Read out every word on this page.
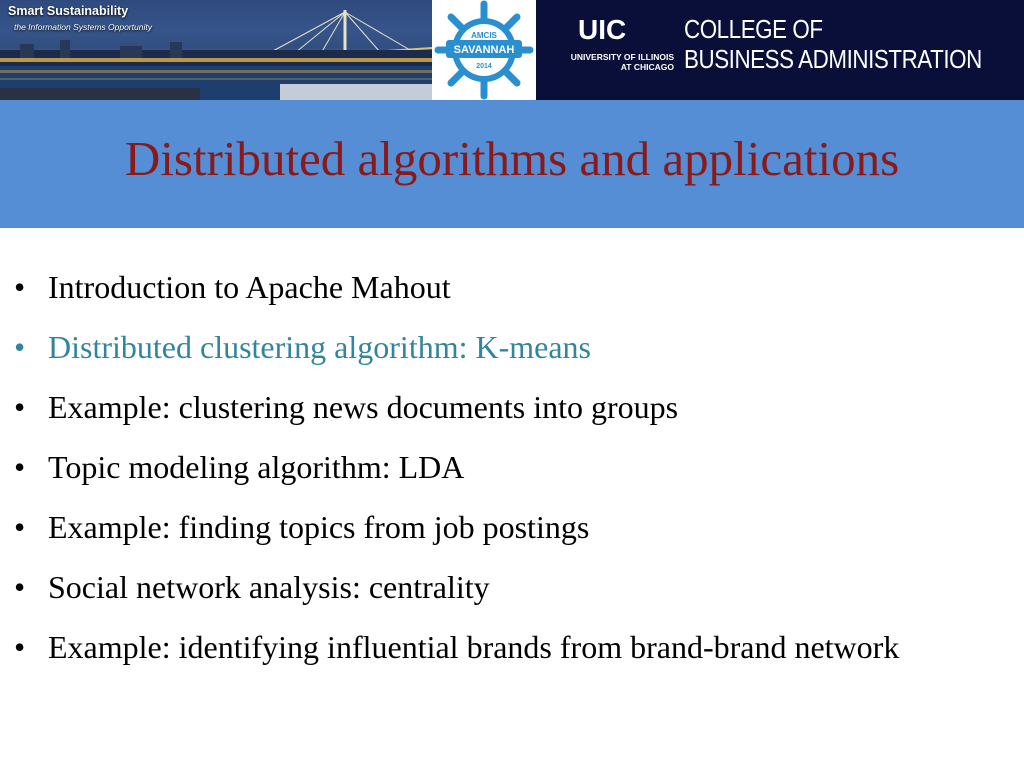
Smart Sustainability
the Information Systems Opportunity
AMCIS
SAVANNAH
2014
UIC
UNIVERSITY OF ILLINOIS
AT CHICAGO
COLLEGE OF
BUSINESS ADMINISTRATION
Distributed algorithms and applications
• Introduction to Apache Mahout
• Distributed clustering algorithm: K-means
• Example: clustering news documents into groups
• Topic modeling algorithm: LDA
• Example: finding topics from job postings
• Social network analysis: centrality
• Example: identifying influential brands from brand-brand network
